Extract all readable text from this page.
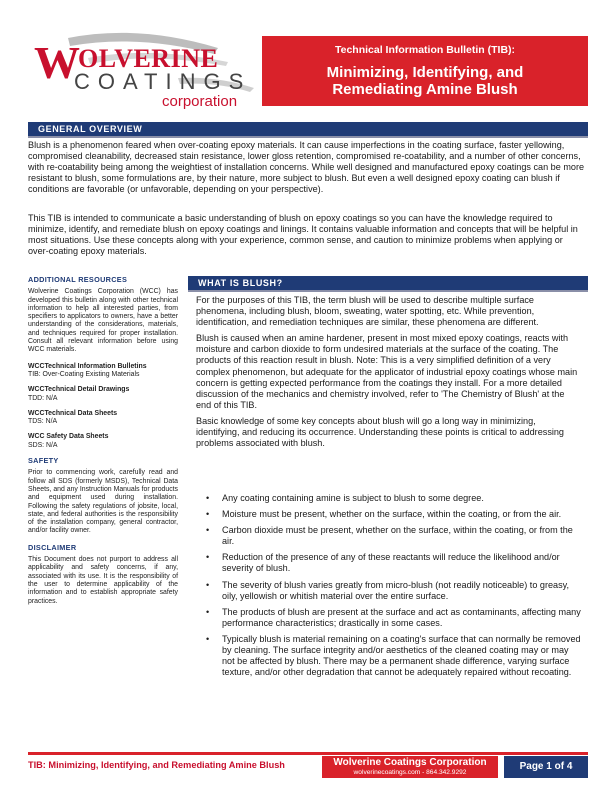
W
OLVERINE
COATINGS
corporation
Technical Information Bulletin (TIB):
Minimizing, Identifying, and Remediating Amine Blush
GENERAL OVERVIEW

Blush is a phenomenon feared when over-coating epoxy materials. It can cause imperfections in the coating surface, faster yellowing, compromised cleanability, decreased stain resistance, lower gloss retention, compromised re-coatability, and a number of other concerns, with re-coatability being among the weightiest of installation concerns. While well designed and manufactured epoxy coatings can be more resistant to blush, some formulations are, by their nature, more subject to blush. But even a well designed epoxy coating can blush if conditions are favorable (or unfavorable, depending on your perspective).

This TIB is intended to communicate a basic understanding of blush on epoxy coatings so you can have the knowledge required to minimize, identify, and remediate blush on epoxy coatings and linings. It contains valuable information and concepts that will be helpful in most situations. Use these concepts along with your experience, common sense, and caution to minimize problems when applying or over-coating epoxy materials.

ADDITIONAL RESOURCES

Wolverine Coatings Corporation (WCC) has developed this bulletin along with other technical information to help all interested parties, from specifiers to applicators to owners, have a better understanding of the considerations, materials, and techniques required for proper installation. Consult all relevant information before using WCC materials.

WCCTechnical Information Bulletins

TIB: Over-Coating Existing Materials

WCCTechnical Detail Drawings

TDD: N/A

WCCTechnical Data Sheets

TDS: N/A

WCC Safety Data Sheets

SDS: N/A

SAFETY

Prior to commencing work, carefully read and follow all SDS (formerly MSDS), Technical Data Sheets, and any Instruction Manuals for products and equipment used during installation. Following the safety regulations of jobsite, local, state, and federal authorities is the responsibility of the installation company, general contractor, and/or facility owner.

DISCLAIMER

This Document does not purport to address all applicability and safety concerns, if any, associated with its use. It is the responsibility of the user to determine applicability of the information and to establish appropriate safety practices.

WHAT IS BLUSH?

For the purposes of this TIB, the term blush will be used to describe multiple surface phenomena, including blush, bloom, sweating, water spotting, etc. While prevention, identification, and remediation techniques are similar, these phenomena are different.

Blush is caused when an amine hardener, present in most mixed epoxy coatings, reacts with moisture and carbon dioxide to form undesired materials at the surface of the coating. The products of this reaction result in blush. Note: This is a very simplified definition of a very complex phenomenon, but adequate for the applicator of industrial epoxy coatings whose main concern is getting expected performance from the coatings they install. For a more detailed discussion of the mechanics and chemistry involved, refer to 'The Chemistry of Blush' at the end of this TIB.

Basic knowledge of some key concepts about blush will go a long way in minimizing, identifying, and reducing its occurrence. Understanding these points is critical to addressing problems associated with blush.

• Any coating containing amine is subject to blush to some degree.
• Moisture must be present, whether on the surface, within the coating, or from the air.
• Carbon dioxide must be present, whether on the surface, within the coating, or from the air.
• Reduction of the presence of any of these reactants will reduce the likelihood and/or severity of blush.
• The severity of blush varies greatly from micro-blush (not readily noticeable) to greasy, oily, yellowish or whitish material over the entire surface.
• The products of blush are present at the surface and act as contaminants, affecting many performance characteristics; drastically in some cases.
• Typically blush is material remaining on a coating's surface that can normally be removed by cleaning. The surface integrity and/or aesthetics of the cleaned coating may or may not be affected by blush. There may be a permanent shade difference, varying surface texture, and/or other degradation that cannot be adequately repaired without recoating.
TIB: Minimizing, Identifying, and Remediating Amine Blush	Wolverine Coatings Corporation
wolverinecoatings.com - 864.342.9292
Page 1 of 4
